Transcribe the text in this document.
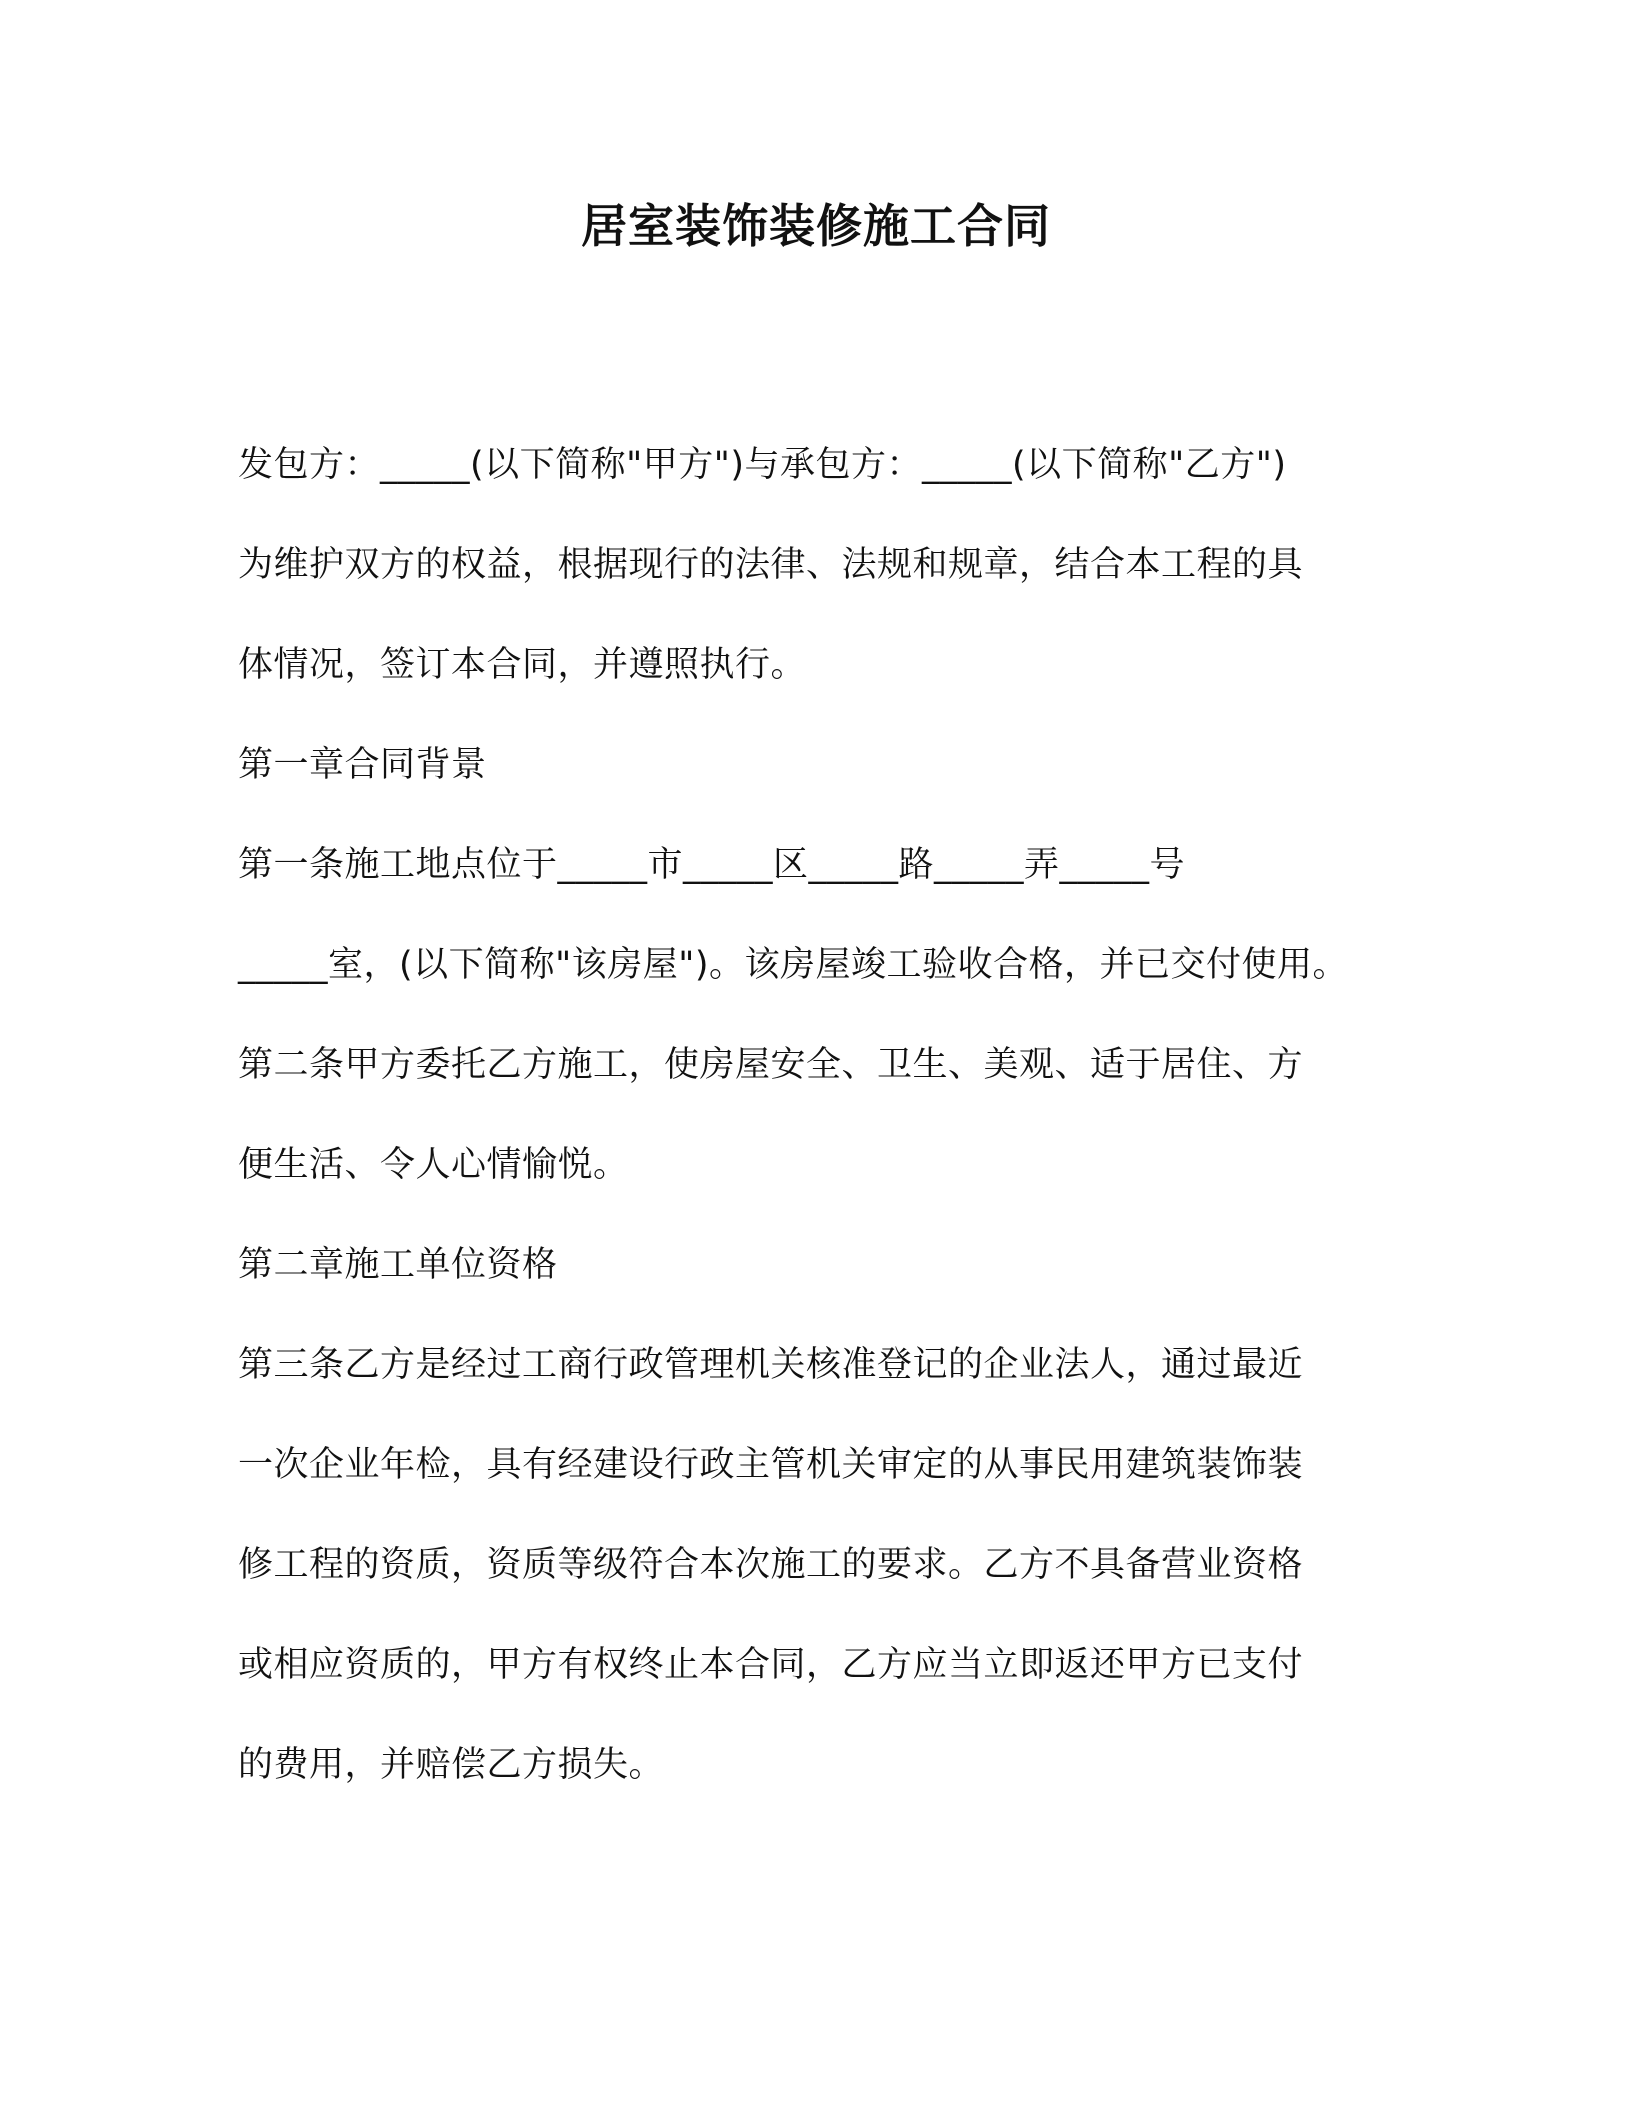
居室装饰装修施工合同

发包方：_____(以下简称"甲方")与承包方：_____(以下简称"乙方")

为维护双方的权益，根据现行的法律、法规和规章，结合本工程的具

体情况，签订本合同，并遵照执行。

第一章合同背景

第一条施工地点位于_____市_____区_____路_____弄_____号

_____室，(以下简称"该房屋")。该房屋竣工验收合格，并已交付使用。

第二条甲方委托乙方施工，使房屋安全、卫生、美观、适于居住、方

便生活、令人心情愉悦。

第二章施工单位资格

第三条乙方是经过工商行政管理机关核准登记的企业法人，通过最近

一次企业年检，具有经建设行政主管机关审定的从事民用建筑装饰装

修工程的资质，资质等级符合本次施工的要求。乙方不具备营业资格

或相应资质的，甲方有权终止本合同，乙方应当立即返还甲方已支付

的费用，并赔偿乙方损失。
